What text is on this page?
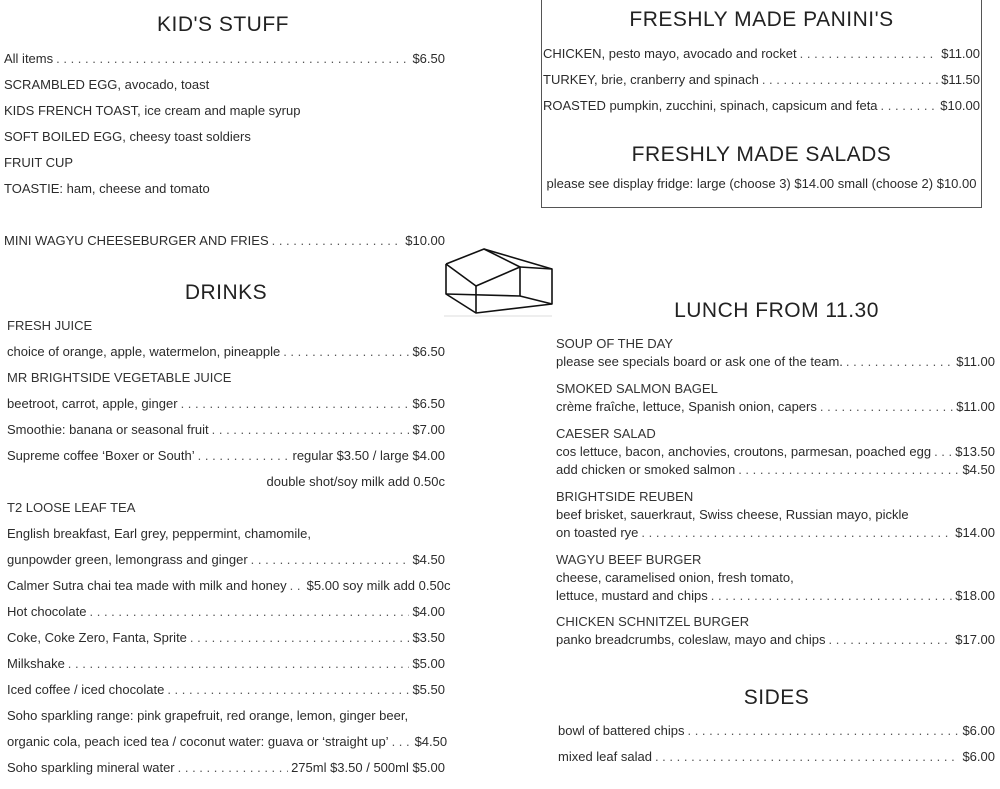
KID'S STUFF
All items . . .	$6.50
SCRAMBLED EGG, avocado, toast
KIDS FRENCH TOAST, ice cream and maple syrup
SOFT BOILED EGG, cheesy toast soldiers
FRUIT CUP
TOASTIE: ham, cheese and tomato
MINI WAGYU CHEESEBURGER AND FRIES . . .	$10.00
FRESHLY MADE PANINI'S
CHICKEN, pesto mayo, avocado and rocket . . .	$11.00
TURKEY, brie, cranberry and spinach . . .	$11.50
ROASTED pumpkin, zucchini, spinach, capsicum and feta . . .	$10.00
FRESHLY MADE SALADS
please see display fridge: large (choose 3) $14.00 small (choose 2) $10.00
DRINKS
FRESH JUICE
choice of orange, apple, watermelon, pineapple . . .	$6.50
MR BRIGHTSIDE VEGETABLE JUICE
beetroot, carrot, apple, ginger . . .	$6.50
Smoothie: banana or seasonal fruit . . .	$7.00
Supreme coffee ‘Boxer or South’ . . .	regular $3.50 / large $4.00
double shot/soy milk add 0.50c
T2 LOOSE LEAF TEA
English breakfast, Earl grey, peppermint, chamomile,
gunpowder green, lemongrass and ginger . . .	$4.50
Calmer Sutra chai tea made with milk and honey . . . $5.00 soy milk add 0.50c
Hot chocolate . . .	$4.00
Coke, Coke Zero, Fanta, Sprite . . .	$3.50
Milkshake . . .	$5.00
Iced coffee / iced chocolate . . .	$5.50
Soho sparkling range: pink grapefruit, red orange, lemon, ginger beer,
organic cola, peach iced tea / coconut water: guava or ‘straight up’ . . . $4.50
Soho sparkling mineral water . . .	275ml $3.50 / 500ml $5.00
LUNCH FROM 11.30
SOUP OF THE DAY
please see specials board or ask one of the team. . . .	$11.00
SMOKED SALMON BAGEL
crème fraîche, lettuce, Spanish onion, capers . . .	$11.00
CAESER SALAD
cos lettuce, bacon, anchovies, croutons, parmesan, poached egg . . . $13.50
add chicken or smoked salmon . . .	$4.50
BRIGHTSIDE REUBEN
beef brisket, sauerkraut, Swiss cheese, Russian mayo, pickle
on toasted rye . . .	$14.00
WAGYU BEEF BURGER
cheese, caramelised onion, fresh tomato,
lettuce, mustard and chips . . .	$18.00
CHICKEN SCHNITZEL BURGER
panko breadcrumbs, coleslaw, mayo and chips . . .	$17.00
SIDES
bowl of battered chips . . .	$6.00
mixed leaf salad . . .	$6.00
